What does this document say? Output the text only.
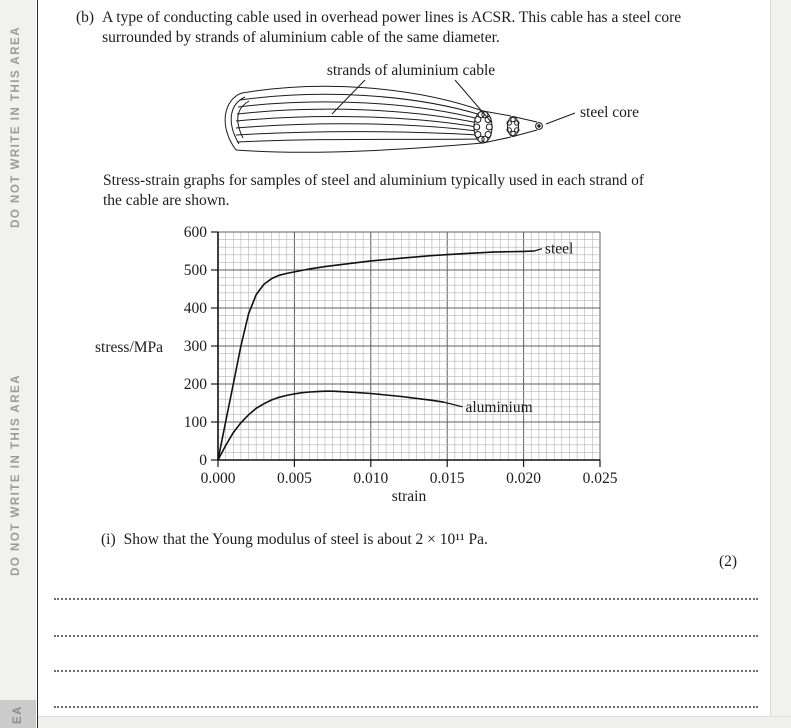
DO NOT WRITE IN THIS AREA
DO NOT WRITE IN THIS AREA
EA
(b) A type of conducting cable used in overhead power lines is ACSR. This cable has a steel core surrounded by strands of aluminium cable of the same diameter.

strands of aluminium cable
steel core

Stress-strain graphs for samples of steel and aluminium typically used in each strand of the cable are shown.

stress/MPa
strain
0.000	0.005	0.010	0.015	0.020	0.025
0
100
200
300
400
500
600
steel
aluminium
(i) Show that the Young modulus of steel is about 2 × 10¹¹ Pa.

(2)
